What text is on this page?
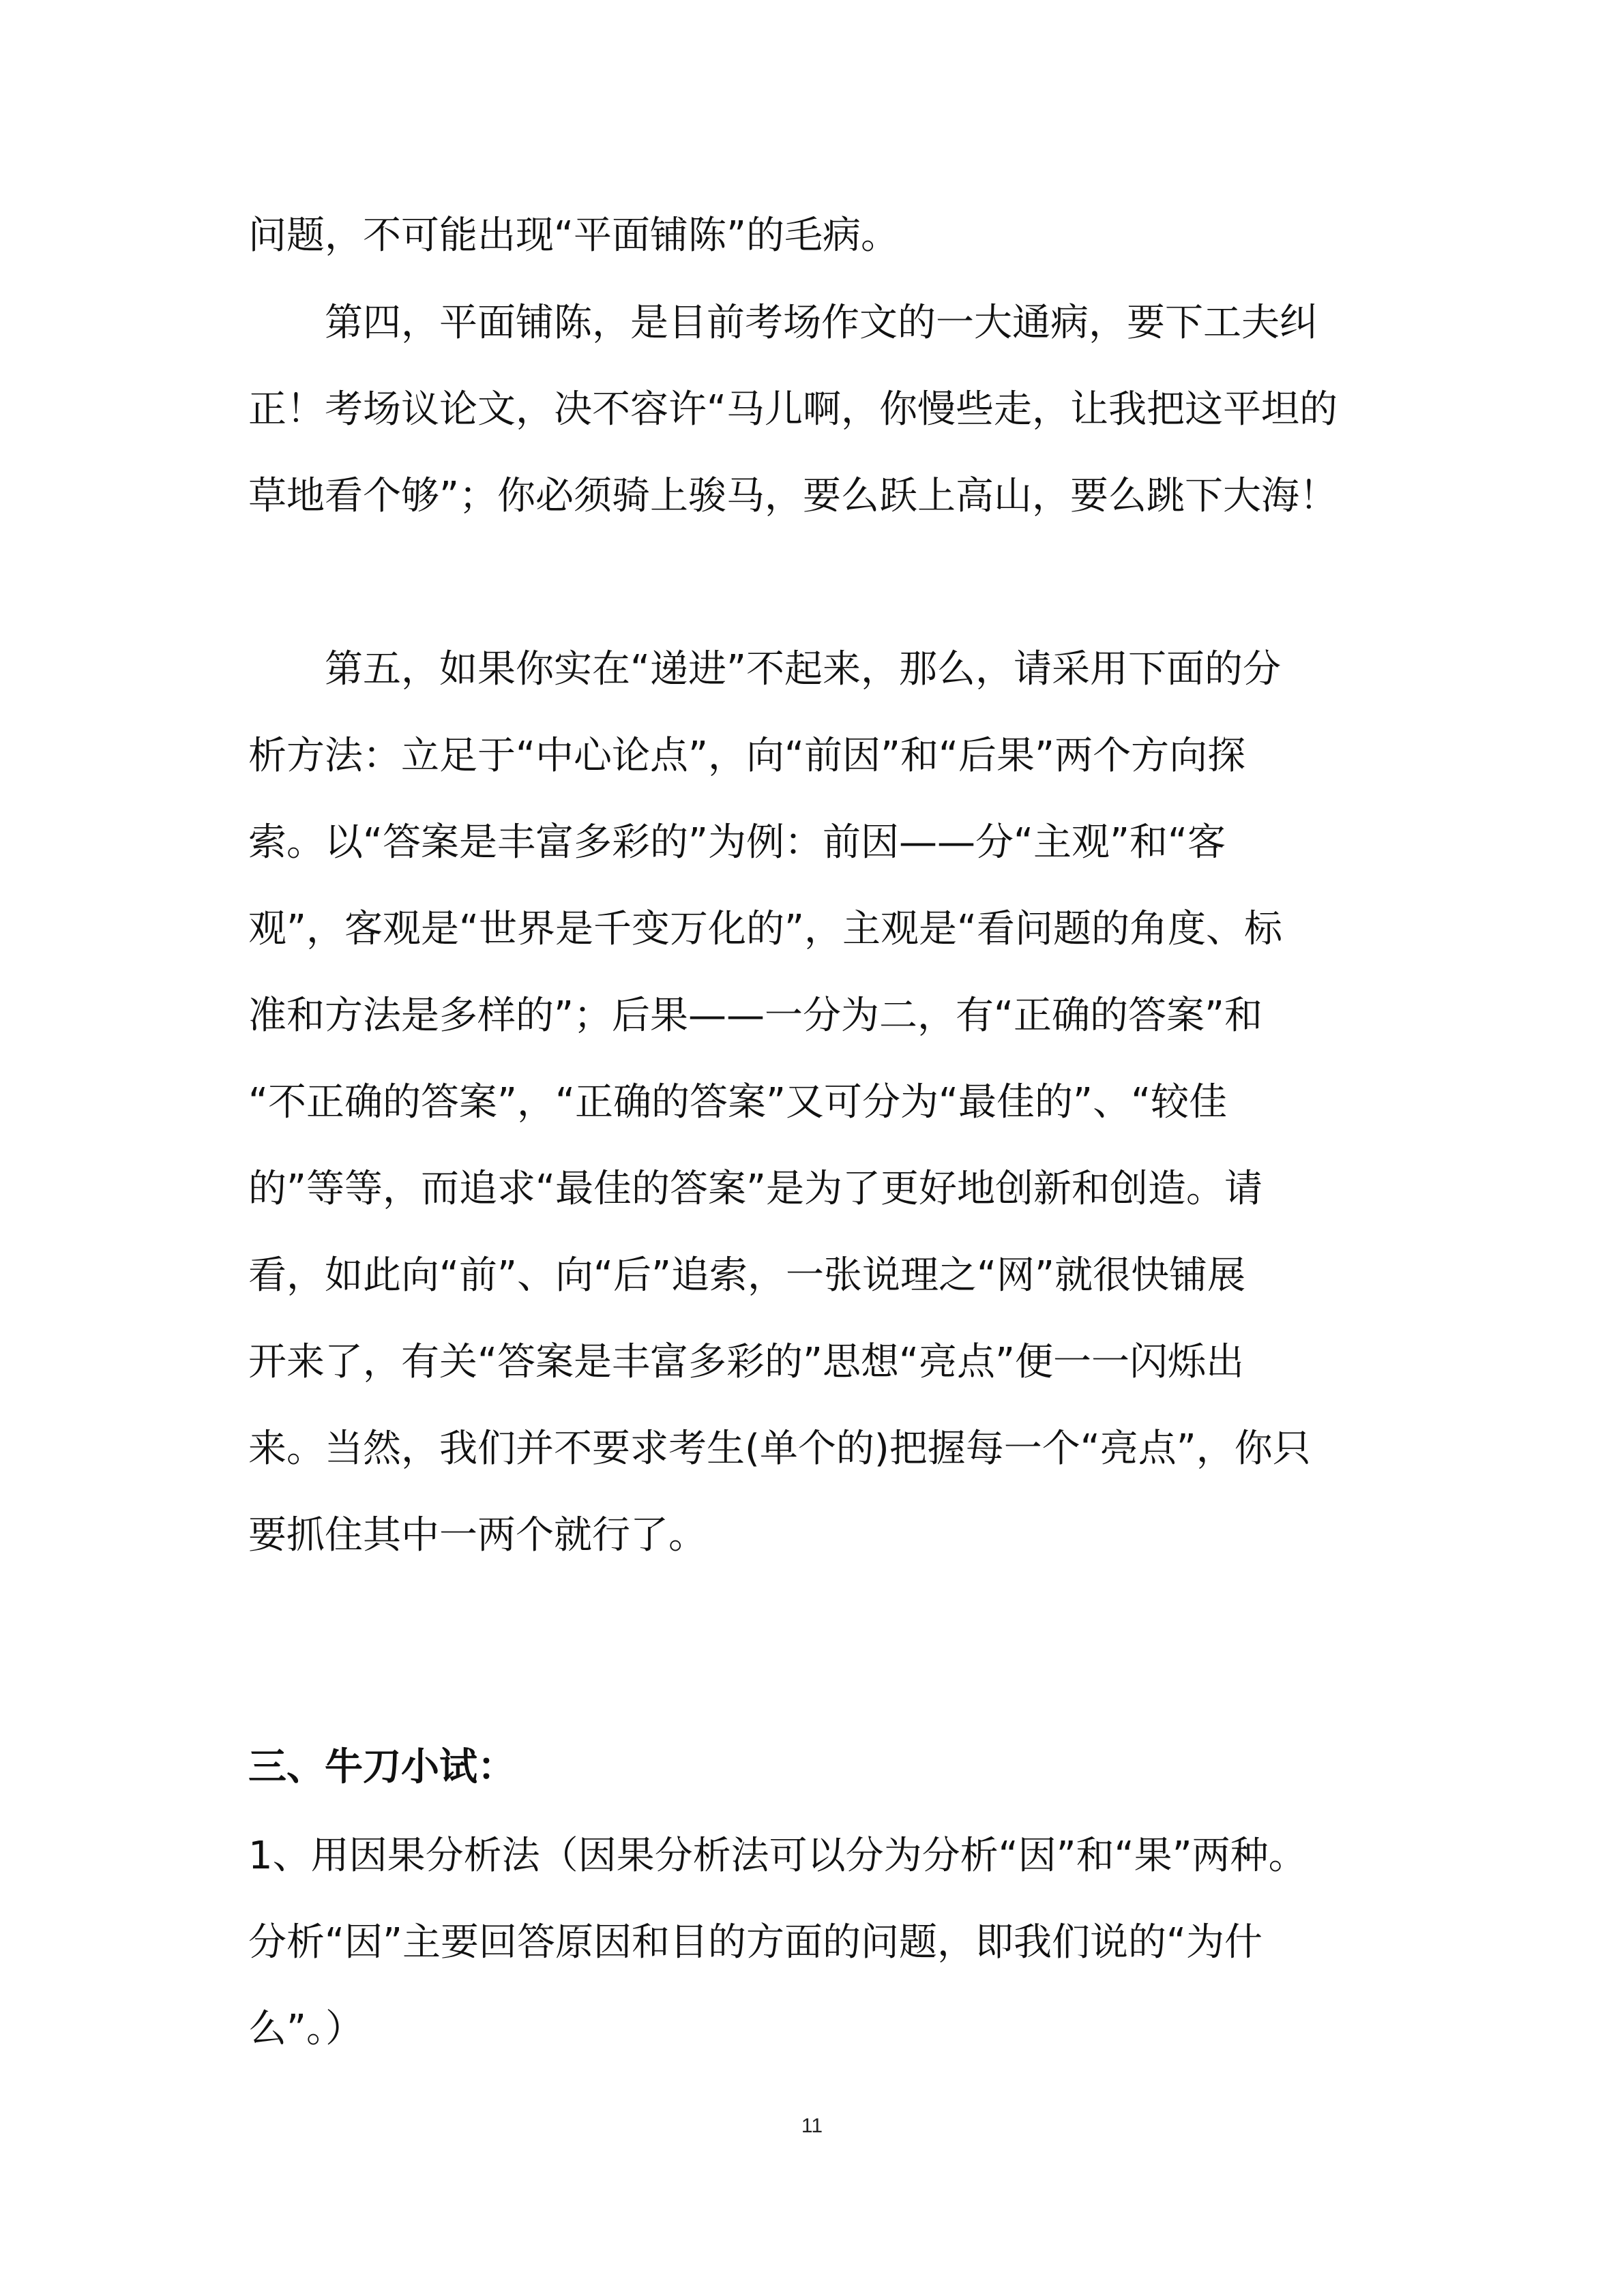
问题，不可能出现“平面铺陈”的毛病。
　　第四，平面铺陈，是目前考场作文的一大通病，要下工夫纠
正！考场议论文，决不容许“马儿啊，你慢些走，让我把这平坦的
草地看个够”；你必须骑上骏马，要么跃上高山，要么跳下大海！
　　第五，如果你实在“递进”不起来，那么，请采用下面的分
析方法：立足于“中心论点”，向“前因”和“后果”两个方向探
索。以“答案是丰富多彩的”为例：前因——分“主观”和“客
观”，客观是“世界是千变万化的”，主观是“看问题的角度、标
准和方法是多样的”；后果——一分为二，有“正确的答案”和
“不正确的答案”，“正确的答案”又可分为“最佳的”、“较佳
的”等等，而追求“最佳的答案”是为了更好地创新和创造。请
看，如此向“前”、向“后”追索，一张说理之“网”就很快铺展
开来了，有关“答案是丰富多彩的”思想“亮点”便一一闪烁出
来。当然，我们并不要求考生(单个的)把握每一个“亮点”，你只
要抓住其中一两个就行了。
三、牛刀小试：
1、用因果分析法（因果分析法可以分为分析“因”和“果”两种。
分析“因”主要回答原因和目的方面的问题，即我们说的“为什
么”。）
11
